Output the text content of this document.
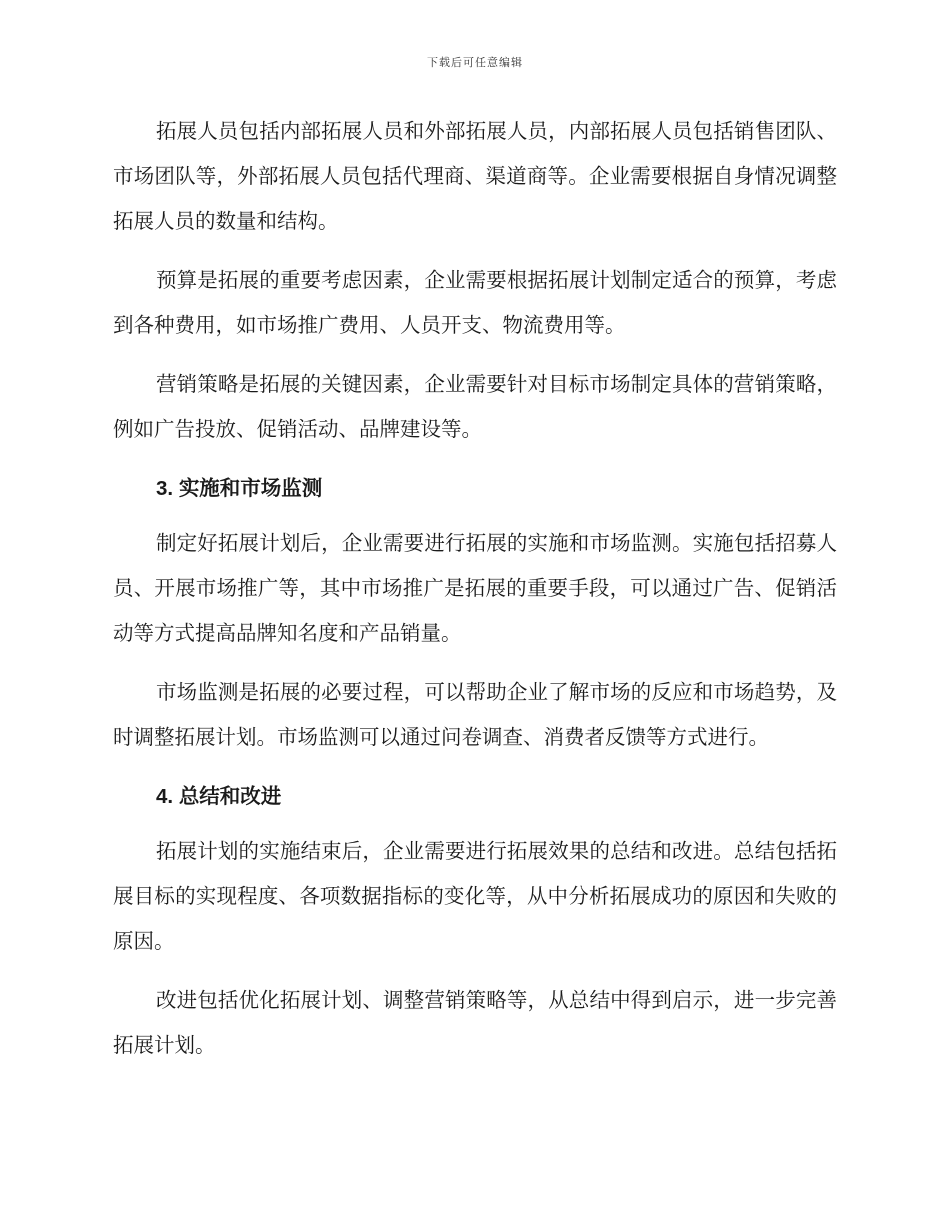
下载后可任意编辑

拓展人员包括内部拓展人员和外部拓展人员，内部拓展人员包括销售团队、市场团队等，外部拓展人员包括代理商、渠道商等。企业需要根据自身情况调整拓展人员的数量和结构。

预算是拓展的重要考虑因素，企业需要根据拓展计划制定适合的预算，考虑到各种费用，如市场推广费用、人员开支、物流费用等。

营销策略是拓展的关键因素，企业需要针对目标市场制定具体的营销策略，例如广告投放、促销活动、品牌建设等。

3. 实施和市场监测

制定好拓展计划后，企业需要进行拓展的实施和市场监测。实施包括招募人员、开展市场推广等，其中市场推广是拓展的重要手段，可以通过广告、促销活动等方式提高品牌知名度和产品销量。

市场监测是拓展的必要过程，可以帮助企业了解市场的反应和市场趋势，及时调整拓展计划。市场监测可以通过问卷调查、消费者反馈等方式进行。

4. 总结和改进

拓展计划的实施结束后，企业需要进行拓展效果的总结和改进。总结包括拓展目标的实现程度、各项数据指标的变化等，从中分析拓展成功的原因和失败的原因。

改进包括优化拓展计划、调整营销策略等，从总结中得到启示，进一步完善拓展计划。
